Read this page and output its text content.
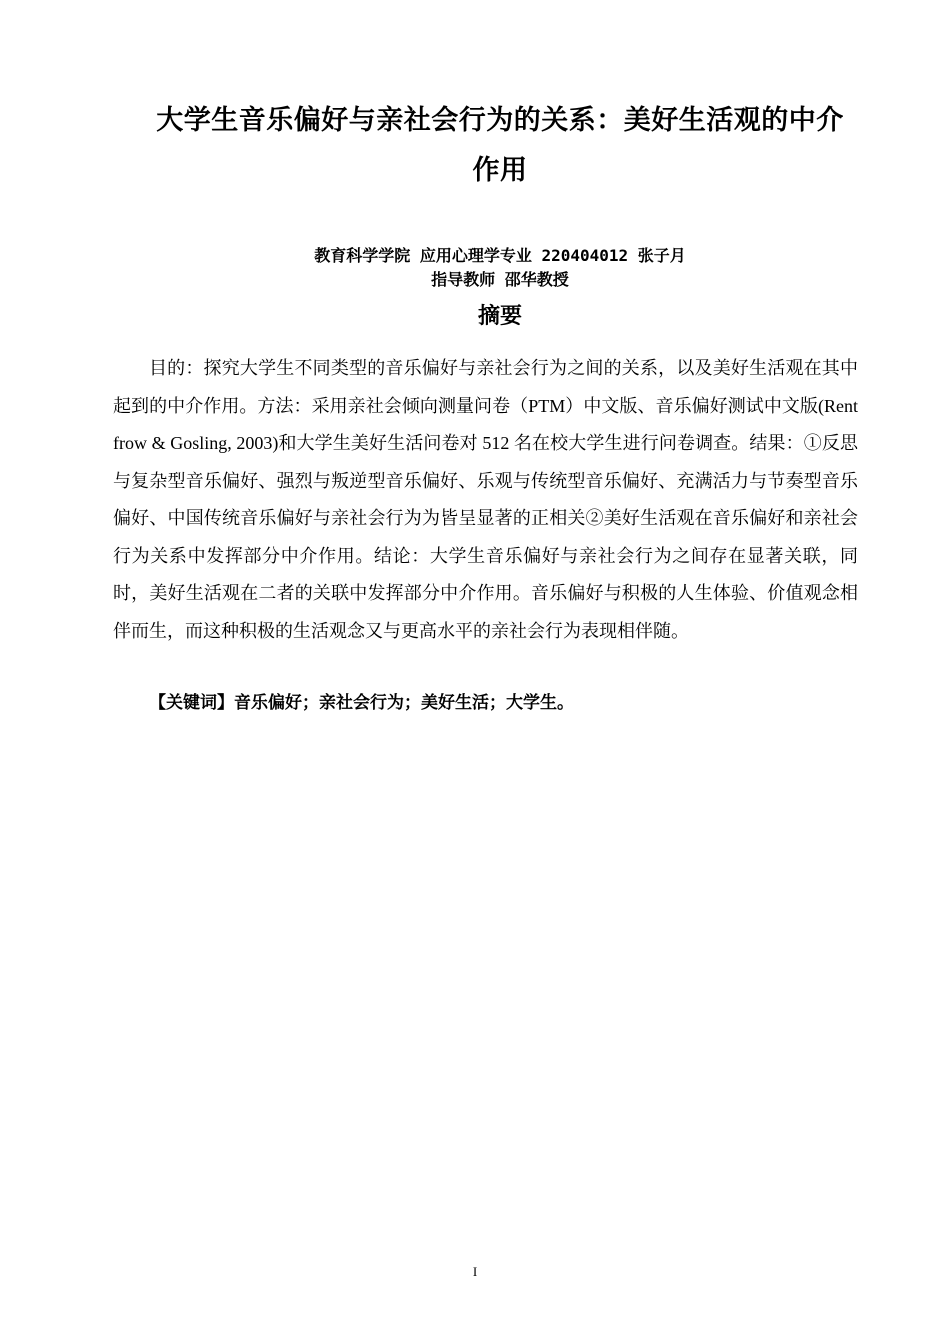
大学生音乐偏好与亲社会行为的关系：美好生活观的中介作用

教育科学学院 应用心理学专业 220404012 张子月

指导教师 邵华教授

摘要

目的：探究大学生不同类型的音乐偏好与亲社会行为之间的关系，以及美好生活观在其中起到的中介作用。方法：采用亲社会倾向测量问卷（PTM）中文版、音乐偏好测试中文版(Rentfrow & Gosling, 2003)和大学生美好生活问卷对 512 名在校大学生进行问卷调查。结果：①反思与复杂型音乐偏好、强烈与叛逆型音乐偏好、乐观与传统型音乐偏好、充满活力与节奏型音乐偏好、中国传统音乐偏好与亲社会行为为皆呈显著的正相关②美好生活观在音乐偏好和亲社会行为关系中发挥部分中介作用。结论：大学生音乐偏好与亲社会行为之间存在显著关联，同时，美好生活观在二者的关联中发挥部分中介作用。音乐偏好与积极的人生体验、价值观念相伴而生，而这种积极的生活观念又与更高水平的亲社会行为表现相伴随。

【关键词】音乐偏好；亲社会行为；美好生活；大学生。

I
